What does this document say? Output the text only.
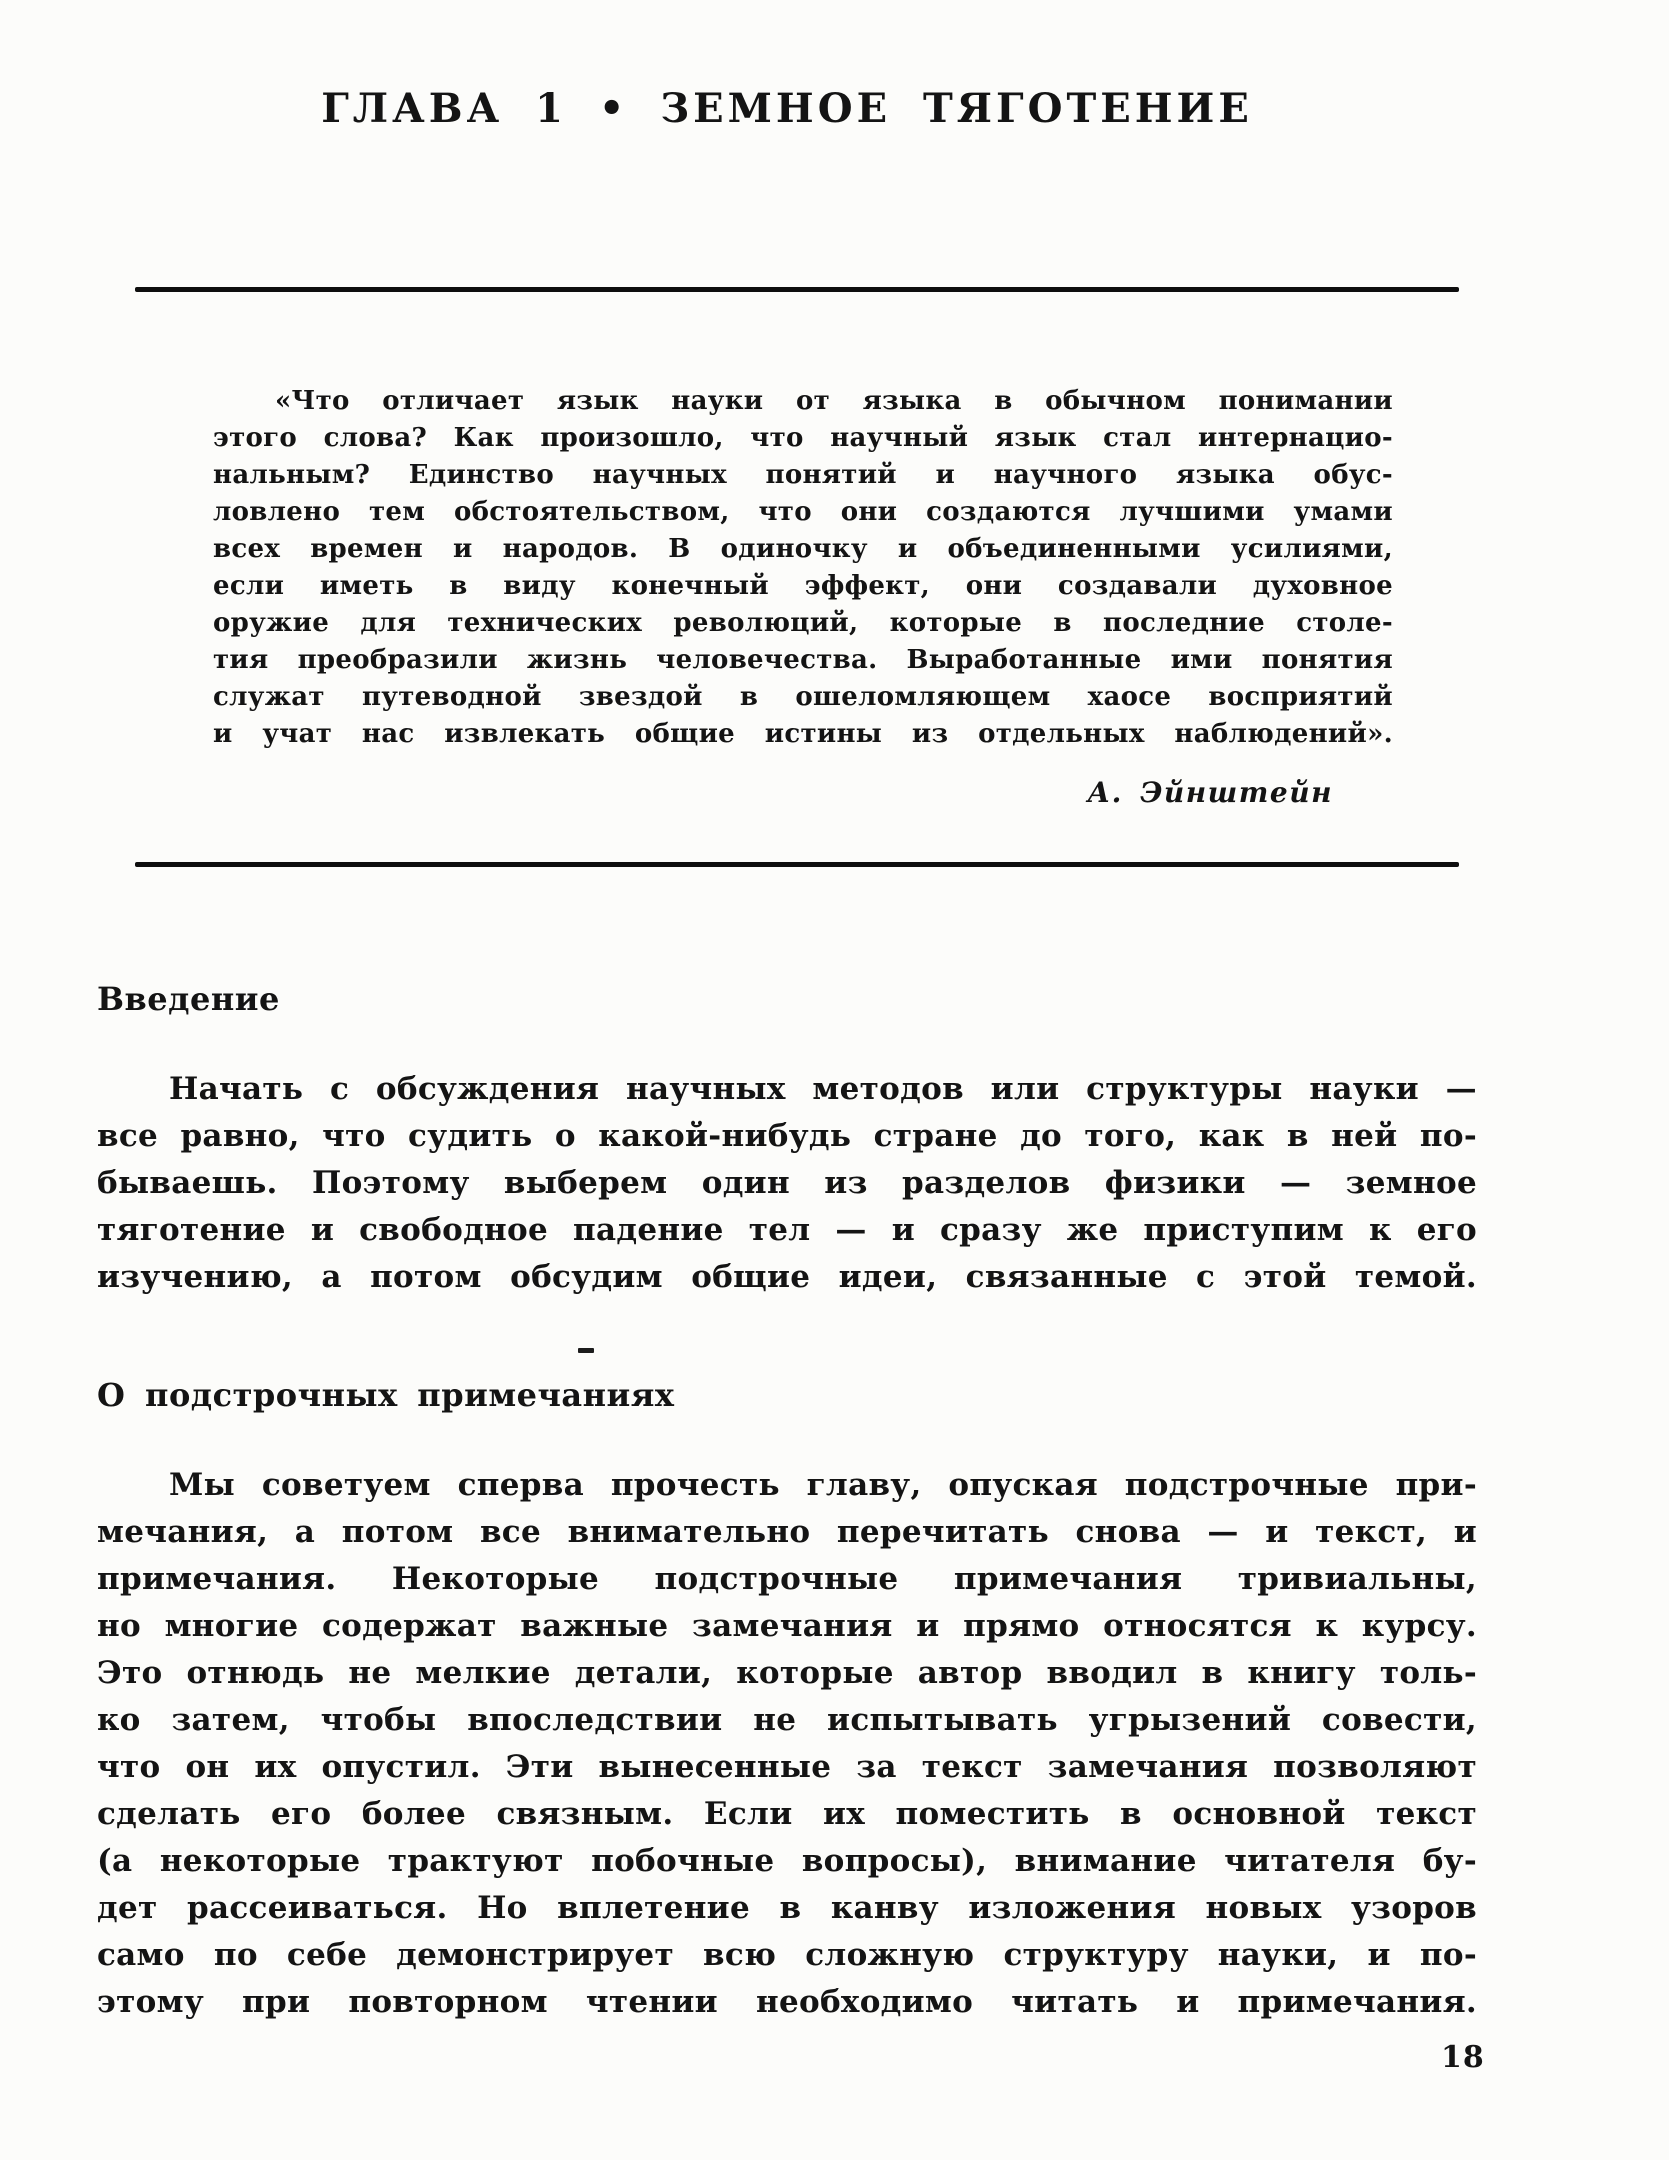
ГЛАВА 1 • ЗЕМНОЕ ТЯГОТЕНИЕ
«Что отличает язык науки от языка в обычном понимании
этого слова? Как произошло, что научный язык стал интернацио-
нальным? Единство научных понятий и научного языка обус-
ловлено тем обстоятельством, что они создаются лучшими умами
всех времен и народов. В одиночку и объединенными усилиями,
если иметь в виду конечный эффект, они создавали духовное
оружие для технических революций, которые в последние столе-
тия преобразили жизнь человечества. Выработанные ими понятия
служат путеводной звездой в ошеломляющем хаосе восприятий
и учат нас извлекать общие истины из отдельных наблюдений».
А. Эйнштейн
Введение
Начать с обсуждения научных методов или структуры науки —
все равно, что судить о какой-нибудь стране до того, как в ней по-
бываешь. Поэтому выберем один из разделов физики — земное
тяготение и свободное падение тел — и сразу же приступим к его
изучению, а потом обсудим общие идеи, связанные с этой темой.
О подстрочных примечаниях
Мы советуем сперва прочесть главу, опуская подстрочные при-
мечания, а потом все внимательно перечитать снова — и текст, и
примечания. Некоторые подстрочные примечания тривиальны,
но многие содержат важные замечания и прямо относятся к курсу.
Это отнюдь не мелкие детали, которые автор вводил в книгу толь-
ко затем, чтобы впоследствии не испытывать угрызений совести,
что он их опустил. Эти вынесенные за текст замечания позволяют
сделать его более связным. Если их поместить в основной текст
(а некоторые трактуют побочные вопросы), внимание читателя бу-
дет рассеиваться. Но вплетение в канву изложения новых узоров
само по себе демонстрирует всю сложную структуру науки, и по-
этому при повторном чтении необходимо читать и примечания.
18
